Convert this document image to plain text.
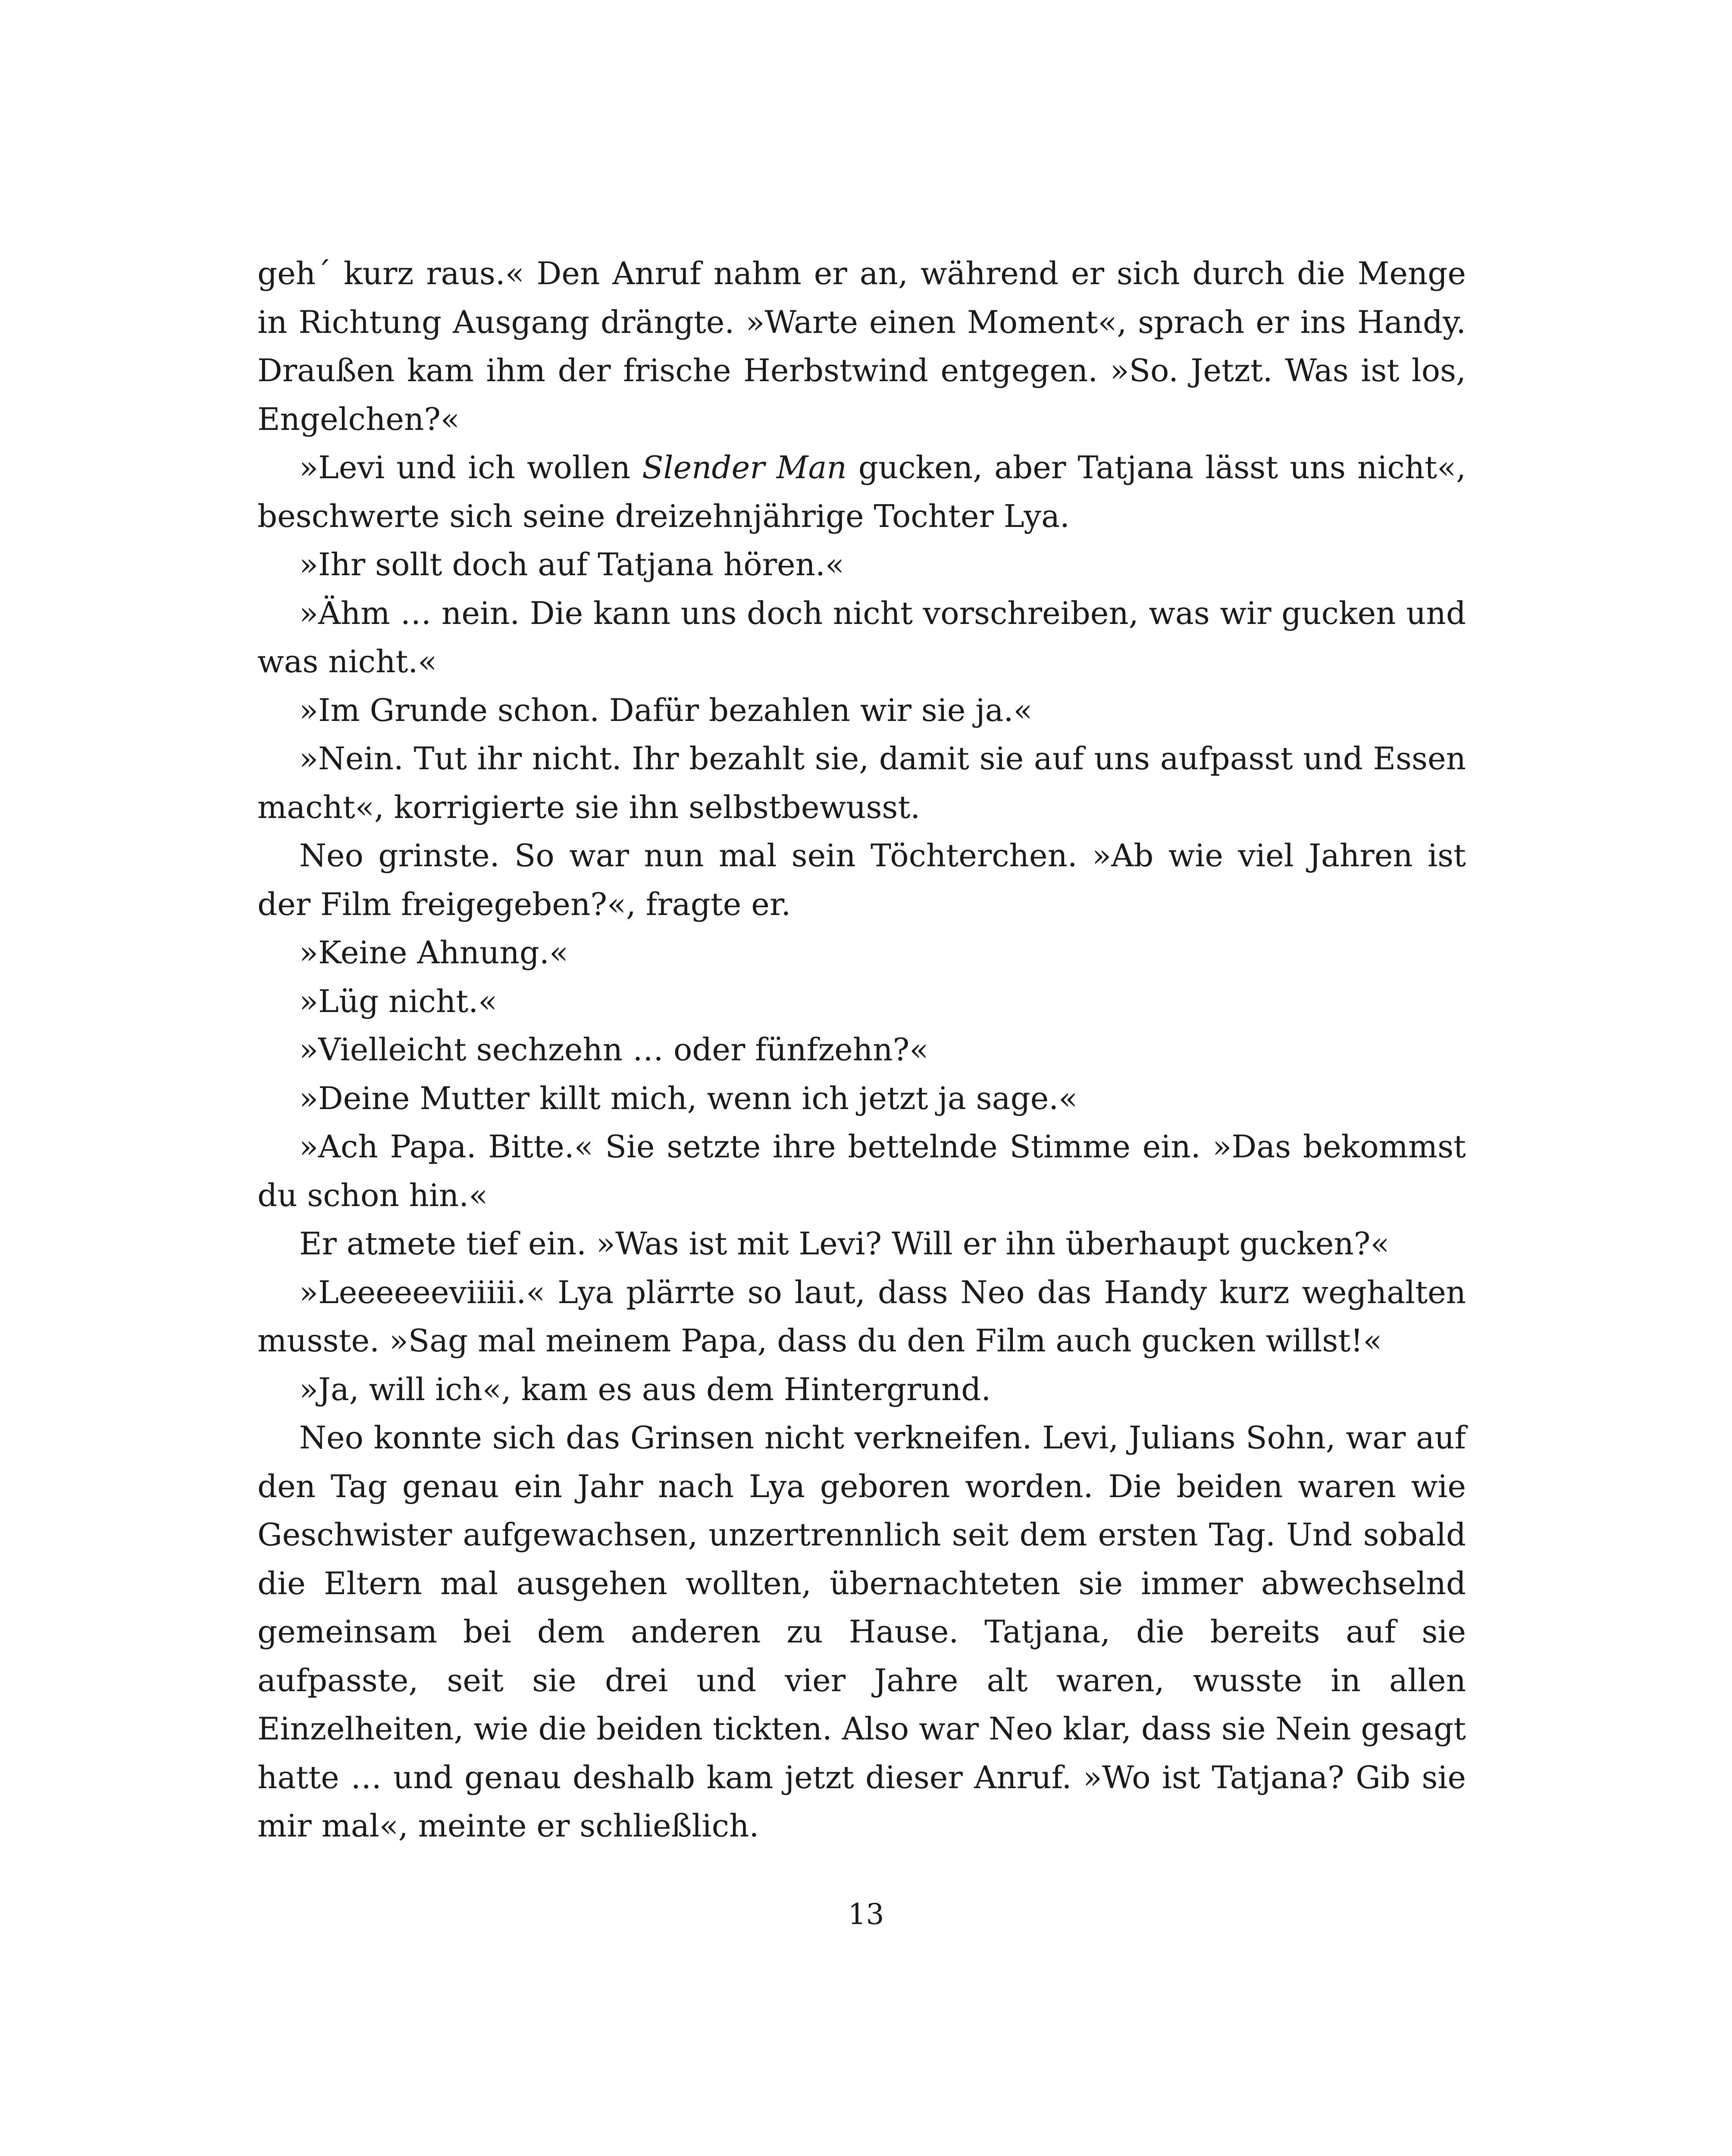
geh´ kurz raus.« Den Anruf nahm er an, während er sich durch die Menge in Richtung Ausgang drängte. »Warte einen Moment«, sprach er ins Handy. Draußen kam ihm der frische Herbstwind entgegen. »So. Jetzt. Was ist los, Engelchen?«

»Levi und ich wollen Slender Man gucken, aber Tatjana lässt uns nicht«, beschwerte sich seine dreizehnjährige Tochter Lya.

»Ihr sollt doch auf Tatjana hören.«

»Ähm … nein. Die kann uns doch nicht vorschreiben, was wir gucken und was nicht.«

»Im Grunde schon. Dafür bezahlen wir sie ja.«

»Nein. Tut ihr nicht. Ihr bezahlt sie, damit sie auf uns aufpasst und Essen macht«, korrigierte sie ihn selbstbewusst.

Neo grinste. So war nun mal sein Töchterchen. »Ab wie viel Jahren ist der Film freigegeben?«, fragte er.

»Keine Ahnung.«

»Lüg nicht.«

»Vielleicht sechzehn … oder fünfzehn?«

»Deine Mutter killt mich, wenn ich jetzt ja sage.«

»Ach Papa. Bitte.« Sie setzte ihre bettelnde Stimme ein. »Das bekommst du schon hin.«

Er atmete tief ein. »Was ist mit Levi? Will er ihn überhaupt gucken?«

»Leeeeeeviiiii.« Lya plärrte so laut, dass Neo das Handy kurz weghalten musste. »Sag mal meinem Papa, dass du den Film auch gucken willst!«

»Ja, will ich«, kam es aus dem Hintergrund.

Neo konnte sich das Grinsen nicht verkneifen. Levi, Julians Sohn, war auf den Tag genau ein Jahr nach Lya geboren worden. Die beiden waren wie Geschwister aufgewachsen, unzertrennlich seit dem ersten Tag. Und sobald die Eltern mal ausgehen wollten, übernachteten sie immer abwechselnd gemeinsam bei dem anderen zu Hause. Tatjana, die bereits auf sie aufpasste, seit sie drei und vier Jahre alt waren, wusste in allen Einzelheiten, wie die beiden tickten. Also war Neo klar, dass sie Nein gesagt hatte … und genau deshalb kam jetzt dieser Anruf. »Wo ist Tatjana? Gib sie mir mal«, meinte er schließlich.

13
